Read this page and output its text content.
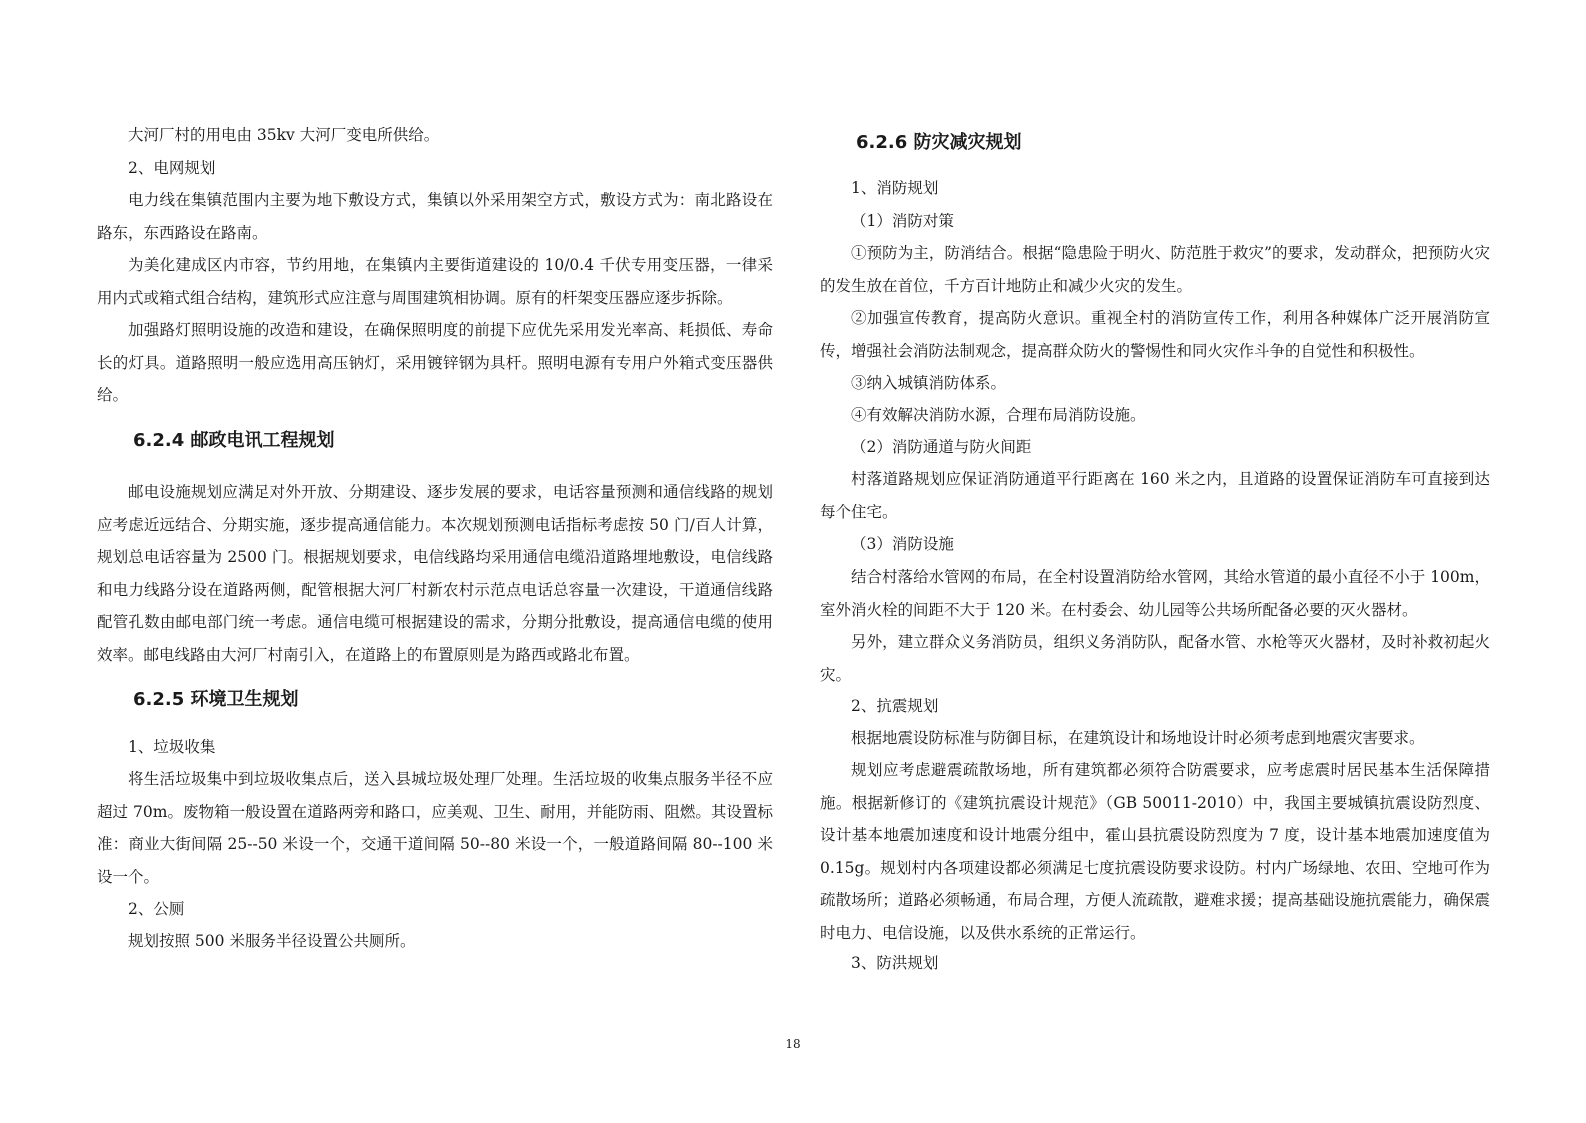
大河厂村的用电由 35kv 大河厂变电所供给。

2、电网规划

电力线在集镇范围内主要为地下敷设方式，集镇以外采用架空方式，敷设方式为：南北路设在路东，东西路设在路南。

为美化建成区内市容，节约用地，在集镇内主要街道建设的 10/0.4 千伏专用变压器，一律采用内式或箱式组合结构，建筑形式应注意与周围建筑相协调。原有的杆架变压器应逐步拆除。

加强路灯照明设施的改造和建设，在确保照明度的前提下应优先采用发光率高、耗损低、寿命长的灯具。道路照明一般应选用高压钠灯，采用镀锌钢为具杆。照明电源有专用户外箱式变压器供给。

6.2.4 邮政电讯工程规划

邮电设施规划应满足对外开放、分期建设、逐步发展的要求，电话容量预测和通信线路的规划应考虑近远结合、分期实施，逐步提高通信能力。本次规划预测电话指标考虑按 50 门/百人计算，规划总电话容量为 2500 门。根据规划要求，电信线路均采用通信电缆沿道路埋地敷设，电信线路和电力线路分设在道路两侧，配管根据大河厂村新农村示范点电话总容量一次建设，干道通信线路配管孔数由邮电部门统一考虑。通信电缆可根据建设的需求，分期分批敷设，提高通信电缆的使用效率。邮电线路由大河厂村南引入，在道路上的布置原则是为路西或路北布置。

6.2.5 环境卫生规划

1、垃圾收集

将生活垃圾集中到垃圾收集点后，送入县城垃圾处理厂处理。生活垃圾的收集点服务半径不应超过 70m。废物箱一般设置在道路两旁和路口，应美观、卫生、耐用，并能防雨、阻燃。其设置标准：商业大街间隔 25--50 米设一个，交通干道间隔 50--80 米设一个，一般道路间隔 80--100 米设一个。

2、公厕

规划按照 500 米服务半径设置公共厕所。

6.2.6 防灾减灾规划

1、消防规划

（1）消防对策

①预防为主，防消结合。根据“隐患险于明火、防范胜于救灾”的要求，发动群众，把预防火灾的发生放在首位，千方百计地防止和减少火灾的发生。

②加强宣传教育，提高防火意识。重视全村的消防宣传工作，利用各种媒体广泛开展消防宣传，增强社会消防法制观念，提高群众防火的警惕性和同火灾作斗争的自觉性和积极性。

③纳入城镇消防体系。

④有效解决消防水源，合理布局消防设施。

（2）消防通道与防火间距

村落道路规划应保证消防通道平行距离在 160 米之内，且道路的设置保证消防车可直接到达每个住宅。

（3）消防设施

结合村落给水管网的布局，在全村设置消防给水管网，其给水管道的最小直径不小于 100m，室外消火栓的间距不大于 120 米。在村委会、幼儿园等公共场所配备必要的灭火器材。

另外，建立群众义务消防员，组织义务消防队，配备水管、水枪等灭火器材，及时补救初起火灾。

2、抗震规划

根据地震设防标准与防御目标，在建筑设计和场地设计时必须考虑到地震灾害要求。

规划应考虑避震疏散场地，所有建筑都必须符合防震要求，应考虑震时居民基本生活保障措施。根据新修订的《建筑抗震设计规范》（GB 50011-2010）中，我国主要城镇抗震设防烈度、设计基本地震加速度和设计地震分组中，霍山县抗震设防烈度为 7 度，设计基本地震加速度值为 0.15g。规划村内各项建设都必须满足七度抗震设防要求设防。村内广场绿地、农田、空地可作为疏散场所；道路必须畅通，布局合理，方便人流疏散，避难求援；提高基础设施抗震能力，确保震时电力、电信设施，以及供水系统的正常运行。

3、防洪规划

18
